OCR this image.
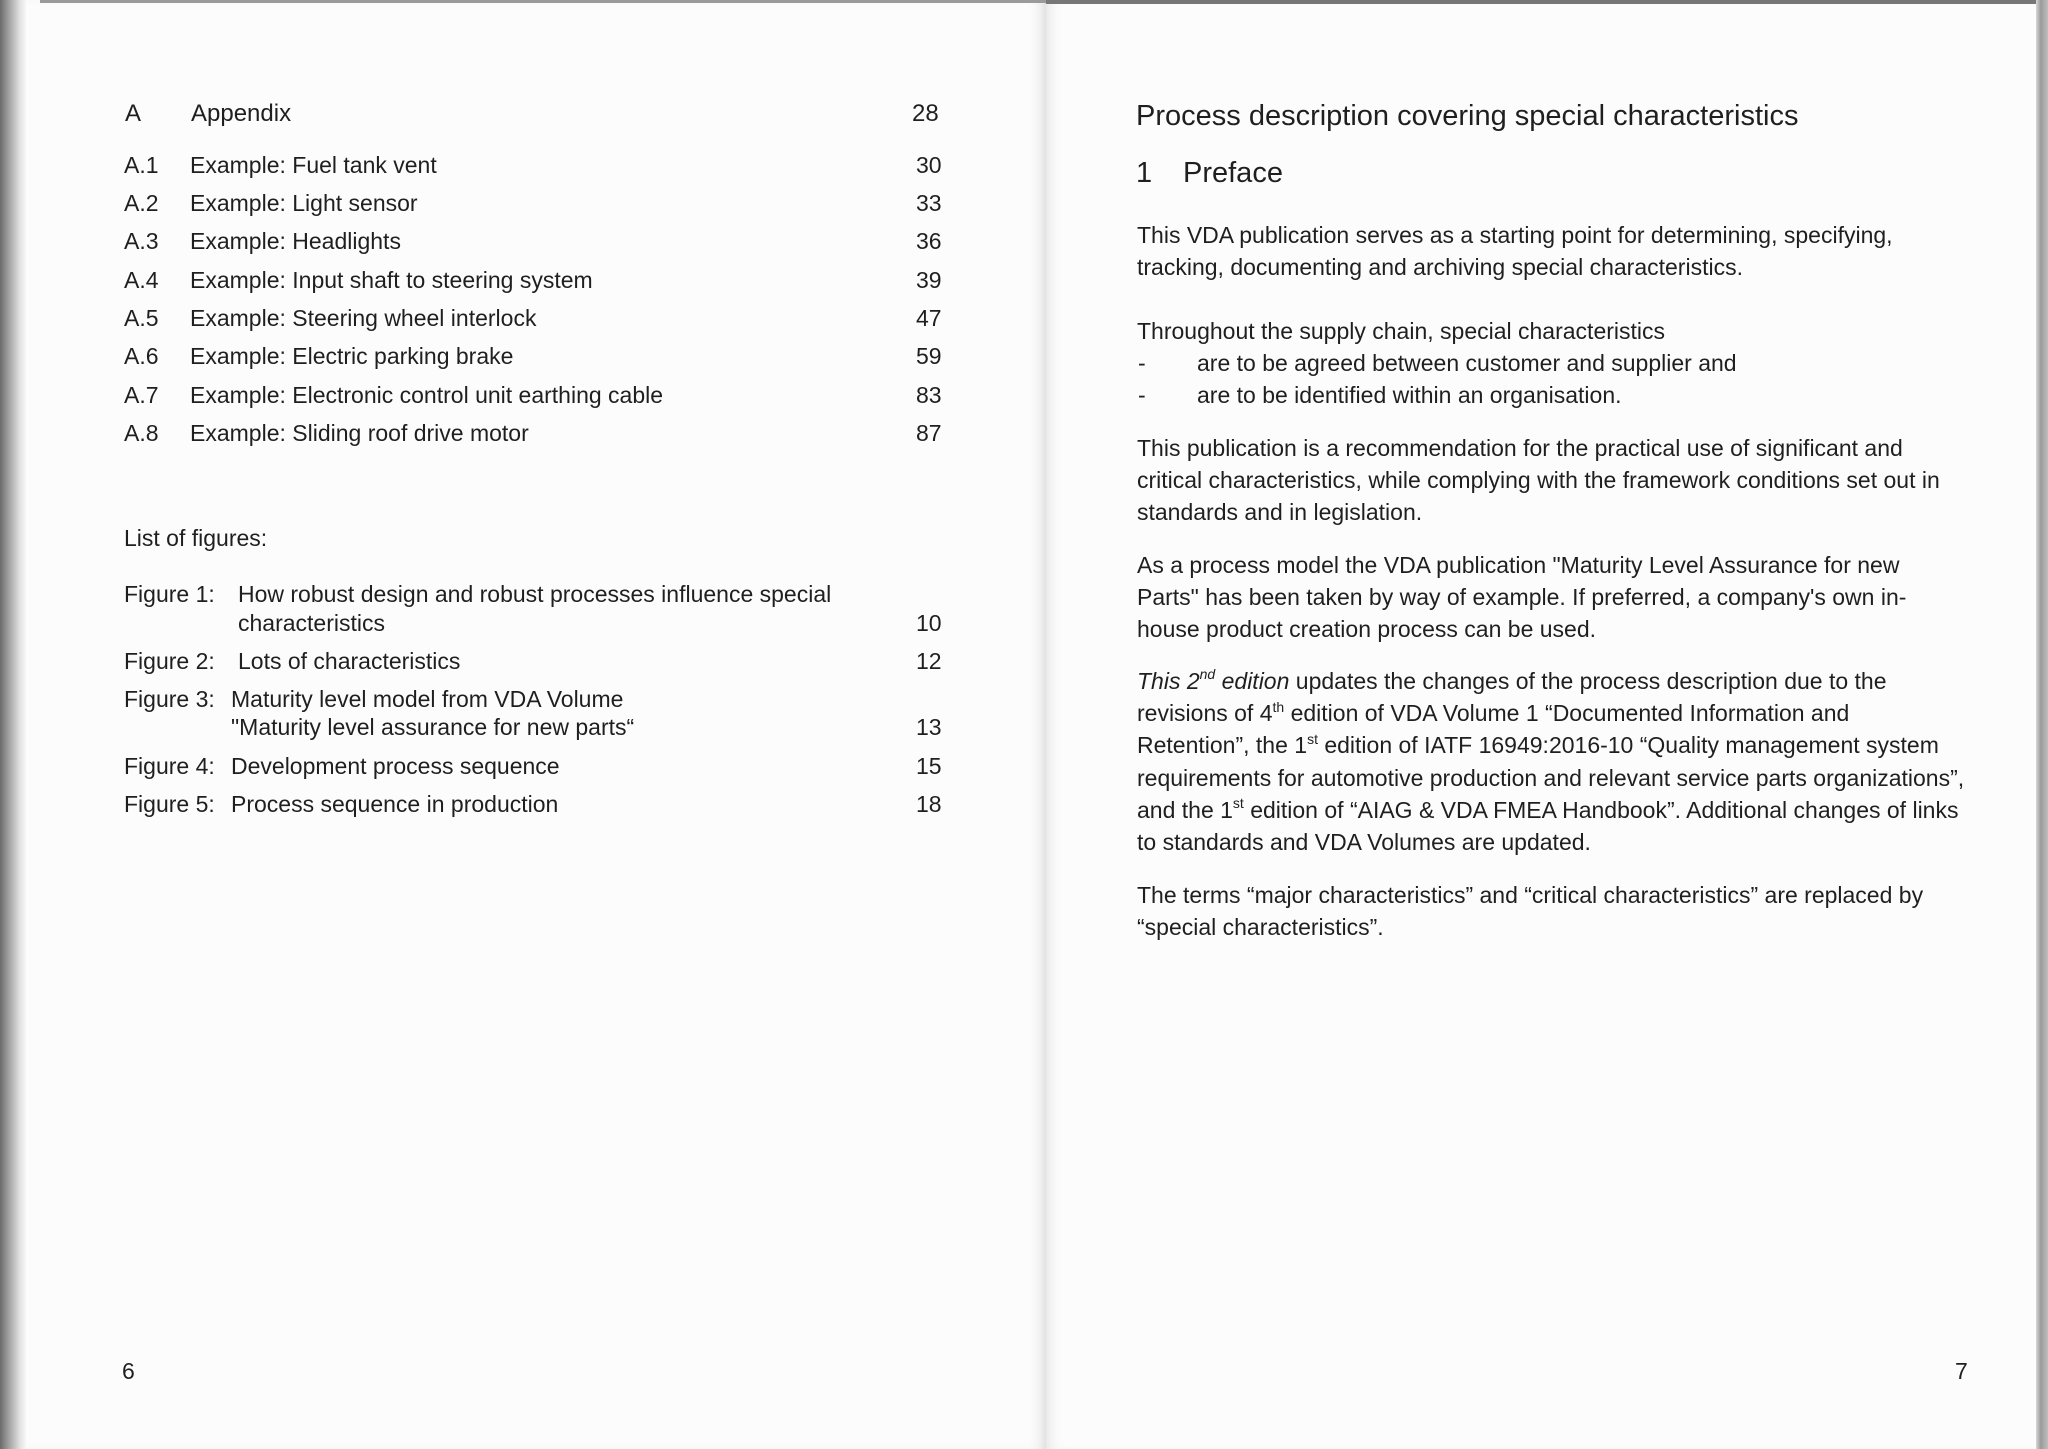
A Appendix	28
A.1 Example: Fuel tank vent	30
A.2 Example: Light sensor	33
A.3 Example: Headlights	36
A.4 Example: Input shaft to steering system	39
A.5 Example: Steering wheel interlock	47
A.6 Example: Electric parking brake	59
A.7 Example: Electronic control unit earthing cable	83
A.8 Example: Sliding roof drive motor	87
List of figures:
Figure 1: How robust design and robust processes influence special
characteristics	10
Figure 2: Lots of characteristics	12
Figure 3: Maturity level model from VDA Volume
"Maturity level assurance for new parts“	13
Figure 4: Development process sequence	15
Figure 5: Process sequence in production	18
6
Process description covering special characteristics
1 Preface

This VDA publication serves as a starting point for determining, specifying, tracking, documenting and archiving special characteristics.

Throughout the supply chain, special characteristics

- are to be agreed between customer and supplier and
- are to be identified within an organisation.

This publication is a recommendation for the practical use of significant and critical characteristics, while complying with the framework conditions set out in standards and in legislation.

As a process model the VDA publication "Maturity Level Assurance for new Parts" has been taken by way of example. If preferred, a company's own in-house product creation process can be used.

This 2nd edition updates the changes of the process description due to the revisions of 4th edition of VDA Volume 1 “Documented Information and Retention”, the 1st edition of IATF 16949:2016-10 “Quality management system requirements for automotive production and relevant service parts organizations”, and the 1st edition of “AIAG & VDA FMEA Handbook”. Additional changes of links to standards and VDA Volumes are updated.

The terms “major characteristics” and “critical characteristics” are replaced by “special characteristics”.

7
